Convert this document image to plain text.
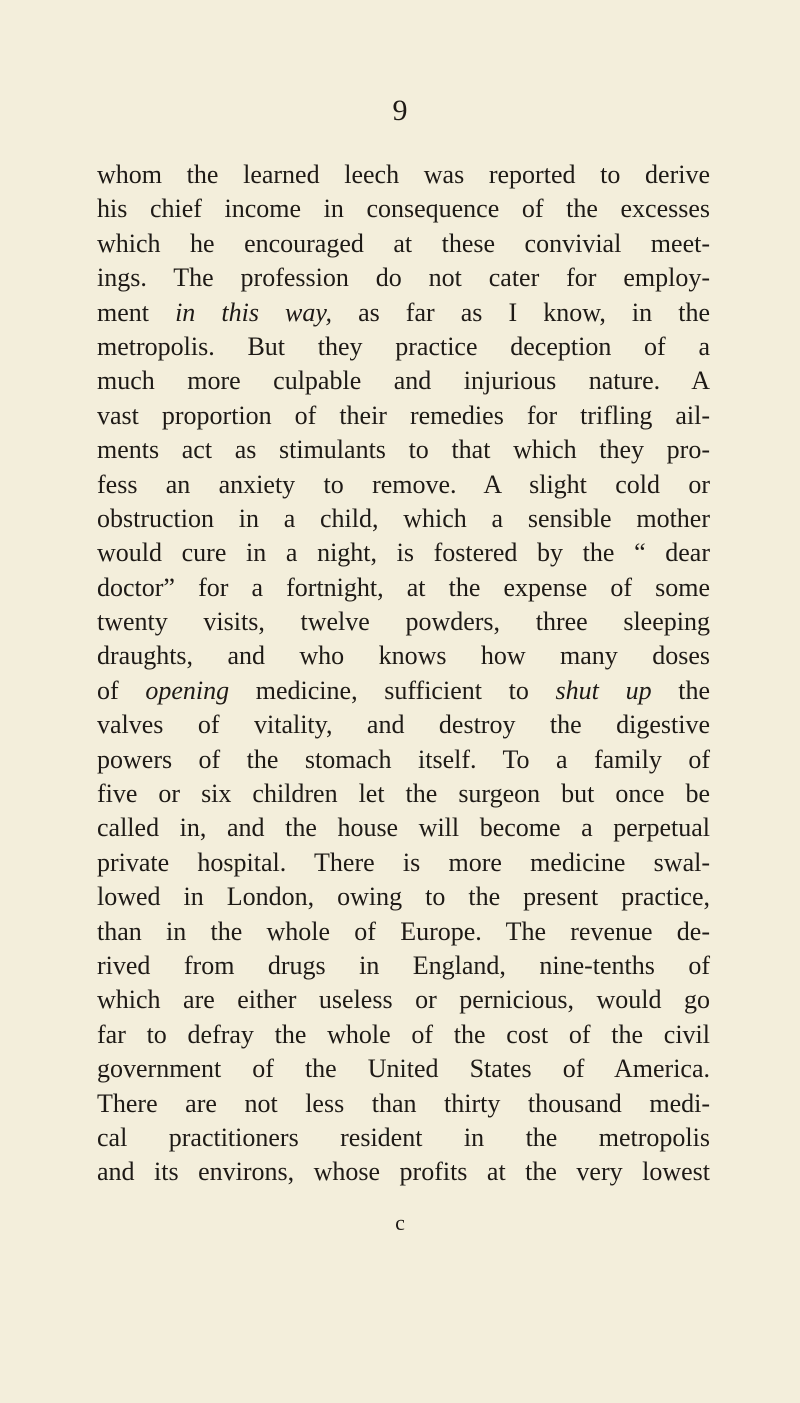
9
whom the learned leech was reported to derive
his chief income in consequence of the excesses
which he encouraged at these convivial meet-
ings. The profession do not cater for employ-
ment in this way, as far as I know, in the
metropolis. But they practice deception of a
much more culpable and injurious nature. A
vast proportion of their remedies for trifling ail-
ments act as stimulants to that which they pro-
fess an anxiety to remove. A slight cold or
obstruction in a child, which a sensible mother
would cure in a night, is fostered by the “ dear
doctor” for a fortnight, at the expense of some
twenty visits, twelve powders, three sleeping
draughts, and who knows how many doses
of opening medicine, sufficient to shut up the
valves of vitality, and destroy the digestive
powers of the stomach itself. To a family of
five or six children let the surgeon but once be
called in, and the house will become a perpetual
private hospital. There is more medicine swal-
lowed in London, owing to the present practice,
than in the whole of Europe. The revenue de-
rived from drugs in England, nine-tenths of
which are either useless or pernicious, would go
far to defray the whole of the cost of the civil
government of the United States of America.
There are not less than thirty thousand medi-
cal practitioners resident in the metropolis
and its environs, whose profits at the very lowest
c
